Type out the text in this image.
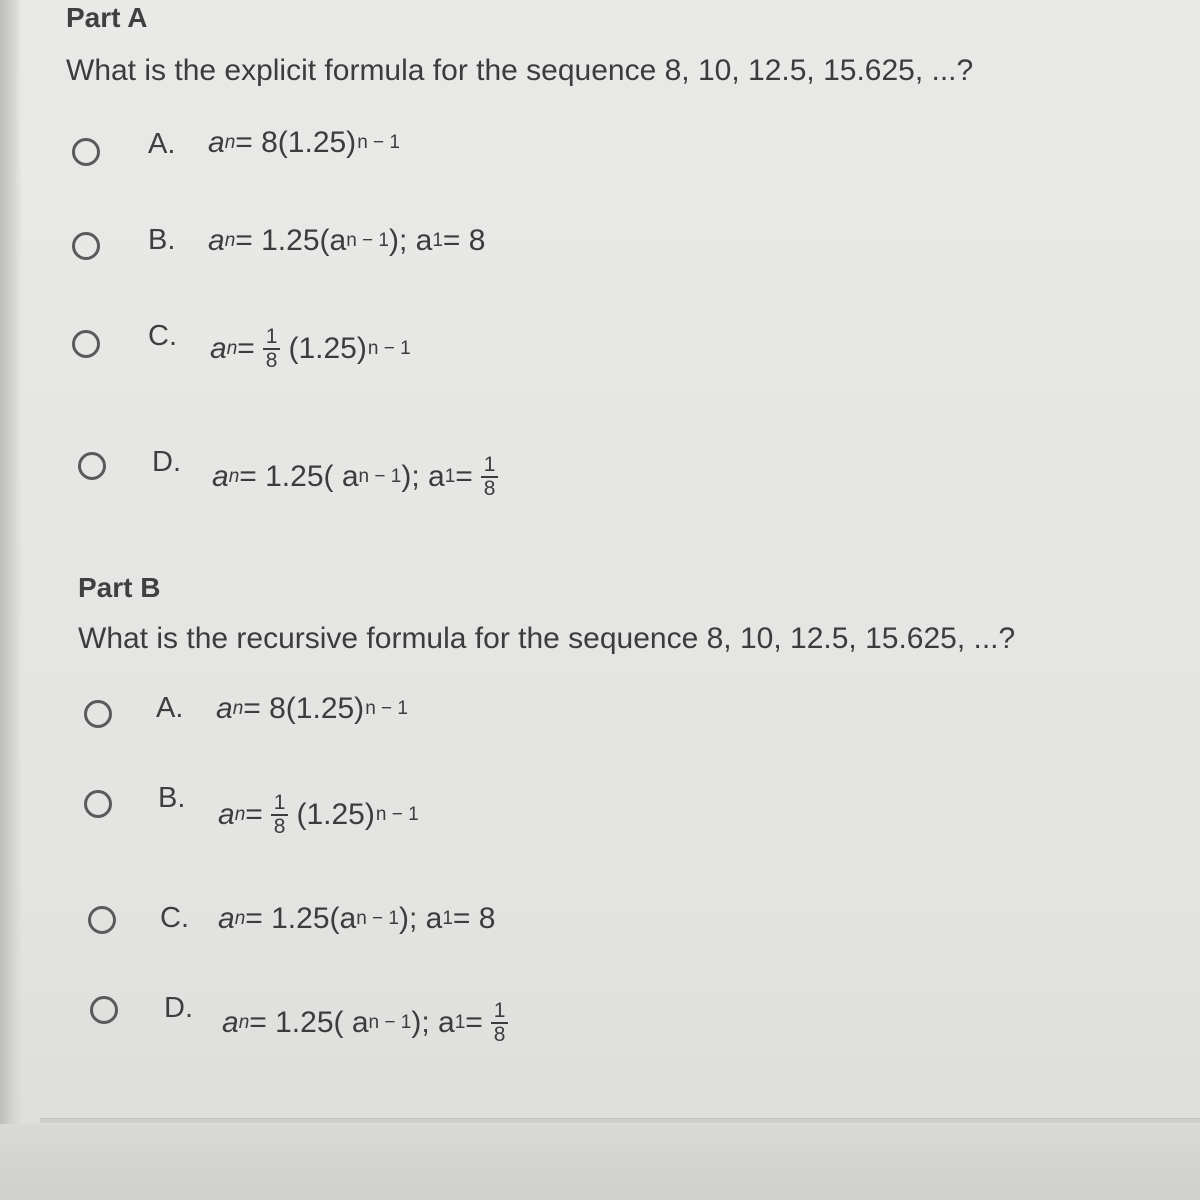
Part A
What is the explicit formula for the sequence 8, 10, 12.5, 15.625, ...?
A. a n = 8(1.25) n − 1
B. a n = 1.25(a n − 1 ); a 1 = 8
C. a $n = \frac{1}{8} (1.25) n - 1$
D. a n = 1.25( a n − 1 ); a $1 = \frac{1}{8}$
Part B
What is the recursive formula for the sequence 8, 10, 12.5, 15.625, ...?
A. a n = 8(1.25) n − 1
B. a $n = \frac{1}{8} (1.25) n - 1$
C. a n = 1.25(a n − 1 ); a 1 = 8
D. a n = 1.25( a n − 1 ); a $1 = \frac{1}{8}$
